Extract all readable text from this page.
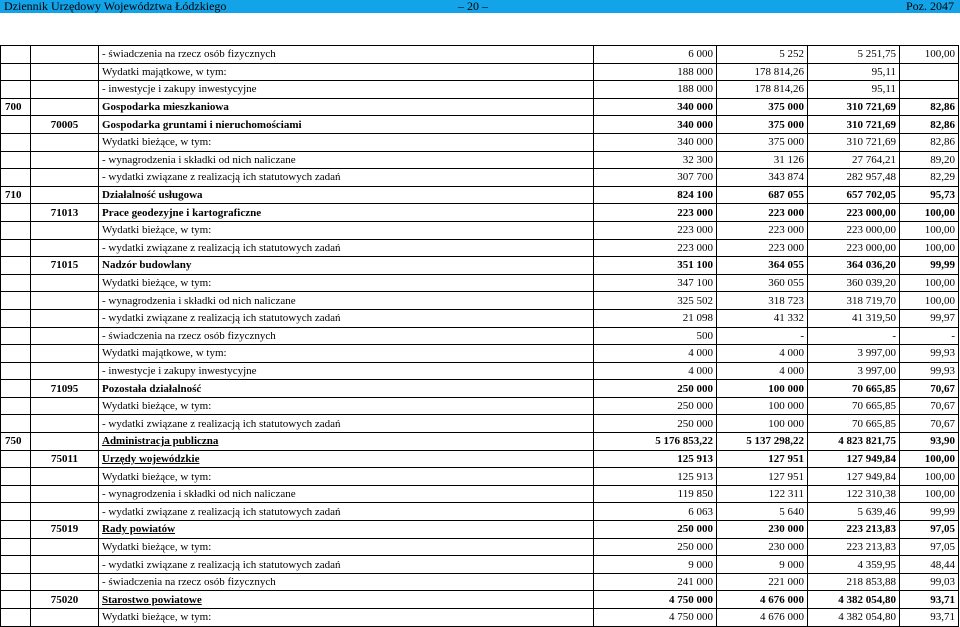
Dziennik Urzędowy Województwa Łódzkiego	– 20 –	Poz. 2047
		- świadczenia na rzecz osób fizycznych	6 000	5 252	5 251,75	100,00
		Wydatki majątkowe, w tym:	188 000	178 814,26	95,11	
		- inwestycje i zakupy inwestycyjne	188 000	178 814,26	95,11	
700		Gospodarka mieszkaniowa	340 000	375 000	310 721,69	82,86
	70005	Gospodarka gruntami i nieruchomościami	340 000	375 000	310 721,69	82,86
		Wydatki bieżące, w tym:	340 000	375 000	310 721,69	82,86
		- wynagrodzenia i składki od nich naliczane	32 300	31 126	27 764,21	89,20
		- wydatki związane z realizacją ich statutowych zadań	307 700	343 874	282 957,48	82,29
710		Działalność usługowa	824 100	687 055	657 702,05	95,73
	71013	Prace geodezyjne i kartograficzne	223 000	223 000	223 000,00	100,00
		Wydatki bieżące, w tym:	223 000	223 000	223 000,00	100,00
		- wydatki związane z realizacją ich statutowych zadań	223 000	223 000	223 000,00	100,00
	71015	Nadzór budowlany	351 100	364 055	364 036,20	99,99
		Wydatki bieżące, w tym:	347 100	360 055	360 039,20	100,00
		- wynagrodzenia i składki od nich naliczane	325 502	318 723	318 719,70	100,00
		- wydatki związane z realizacją ich statutowych zadań	21 098	41 332	41 319,50	99,97
		- świadczenia na rzecz osób fizycznych	500	-	-	-
		Wydatki majątkowe, w tym:	4 000	4 000	3 997,00	99,93
		- inwestycje i zakupy inwestycyjne	4 000	4 000	3 997,00	99,93
	71095	Pozostała działalność	250 000	100 000	70 665,85	70,67
		Wydatki bieżące, w tym:	250 000	100 000	70 665,85	70,67
		- wydatki związane z realizacją ich statutowych zadań	250 000	100 000	70 665,85	70,67
750		Administracja publiczna	5 176 853,22	5 137 298,22	4 823 821,75	93,90
	75011	Urzędy wojewódzkie	125 913	127 951	127 949,84	100,00
		Wydatki bieżące, w tym:	125 913	127 951	127 949,84	100,00
		- wynagrodzenia i składki od nich naliczane	119 850	122 311	122 310,38	100,00
		- wydatki związane z realizacją ich statutowych zadań	6 063	5 640	5 639,46	99,99
	75019	Rady powiatów	250 000	230 000	223 213,83	97,05
		Wydatki bieżące, w tym:	250 000	230 000	223 213,83	97,05
		- wydatki związane z realizacją ich statutowych zadań	9 000	9 000	4 359,95	48,44
		- świadczenia na rzecz osób fizycznych	241 000	221 000	218 853,88	99,03
	75020	Starostwo powiatowe	4 750 000	4 676 000	4 382 054,80	93,71
		Wydatki bieżące, w tym:	4 750 000	4 676 000	4 382 054,80	93,71
